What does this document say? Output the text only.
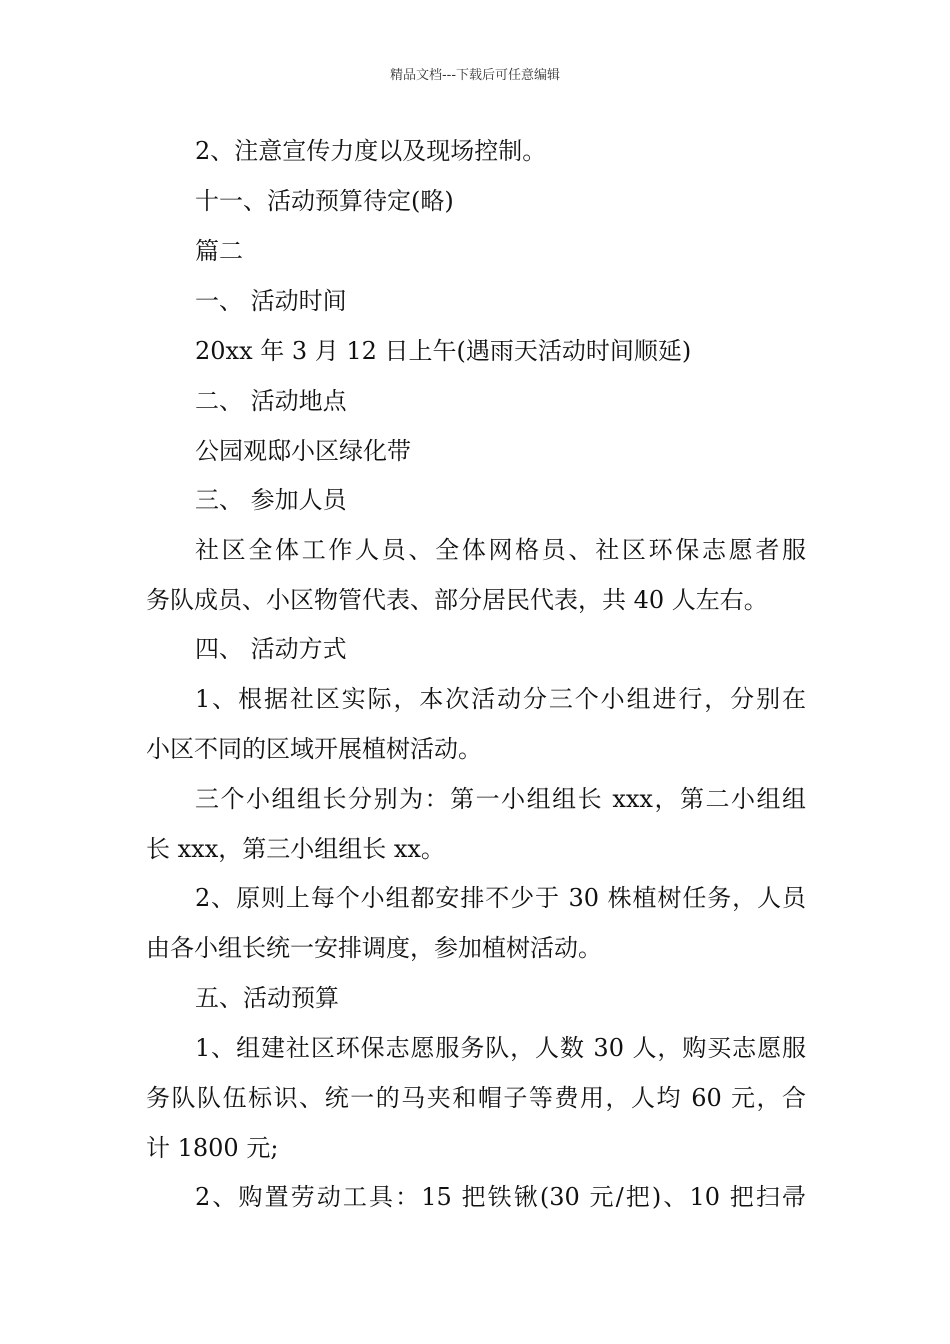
精品文档---下载后可任意编辑
2、注意宣传力度以及现场控制。
十一、活动预算待定(略)
篇二
一、 活动时间
20xx 年 3 月 12 日上午(遇雨天活动时间顺延)
二、 活动地点
公园观邸小区绿化带
三、 参加人员
社区全体工作人员、全体网格员、社区环保志愿者服
务队成员、小区物管代表、部分居民代表，共 40 人左右。
四、 活动方式
1、根据社区实际，本次活动分三个小组进行，分别在
小区不同的区域开展植树活动。
三个小组组长分别为：第一小组组长 xxx，第二小组组
长 xxx，第三小组组长 xx。
2、原则上每个小组都安排不少于 30 株植树任务，人员
由各小组长统一安排调度，参加植树活动。
五、活动预算
1、组建社区环保志愿服务队，人数 30 人，购买志愿服
务队队伍标识、统一的马夹和帽子等费用，人均 60 元，合
计 1800 元;
2、购置劳动工具：15 把铁锹(30 元/把)、10 把扫帚
